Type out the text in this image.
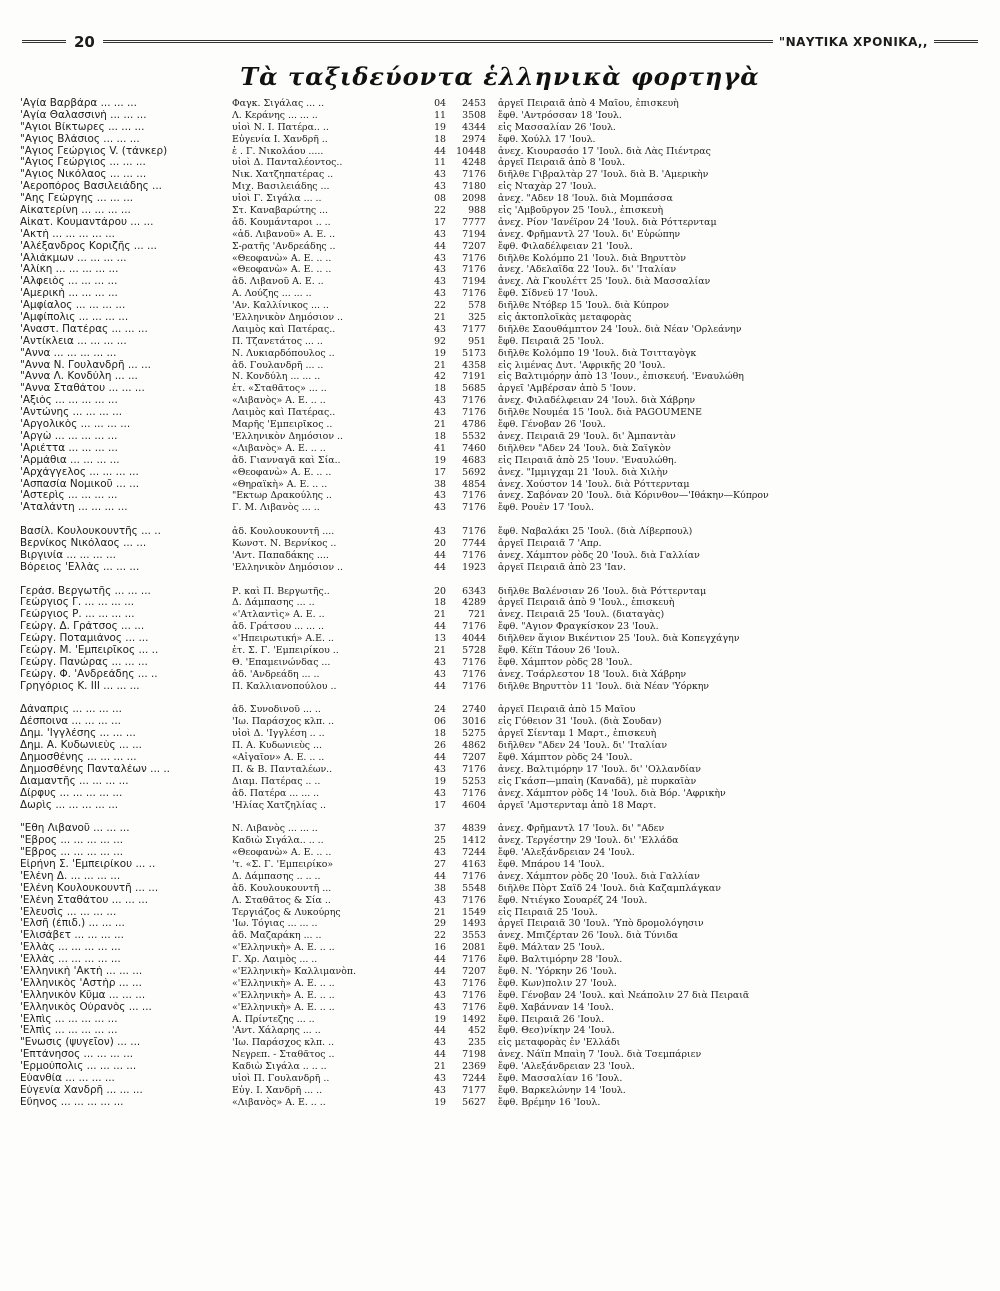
20	"ΝΑΥΤΙΚΑ ΧΡΟΝΙΚΑ,,
Τὰ ταξιδεύοντα ἑλληνικὰ φορτηγὰ
'Αγία Βαρβάρα ... ... ...	Φαγκ. Σιγάλας ... ..	04	2453 ἀργεῖ Πειραιᾶ ἀπὸ 4 Μαΐου, ἐπισκευὴ
'Αγία Θαλασσινὴ ... ... ...	Λ. Κεράνης ... ... ..	11	3508 ἔφθ. 'Αντρόσσαν 18 'Ιουλ.
"Αγιοι Βίκτωρες ... ... ...	υἱοὶ Ν. Ι. Πατέρα.. ..	19	4344 εἰς Μασσαλίαν 26 'Ιουλ.
"Αγιος Βλάσιος ... ... ...	Εὐγενία Ι. Χανδρῆ ..	18	2974 ἔφθ. Χούλλ 17 'Ιουλ.
"Αγιος Γεώργιος V. (τάνκερ)	ἑ . Γ. Νικολάου .....	44	10448 ἀνεχ. Κιουρασάο 17 'Ιουλ. διὰ Λὰς Πιέντρας
"Αγιος Γεώργιος ... ... ...	υἱοὶ Δ. Πανταλέοντος..	11	4248 ἀργεῖ Πειραιᾶ ἀπὸ 8 'Ιουλ.
"Αγιος Νικόλαος ... ... ...	Νικ. Χατζηπατέρας ..	43	7176 διῆλθε Γιβραλτὰρ 27 'Ιουλ. διὰ Β. 'Αμερικὴν
'Αεροπόρος Βασιλειάδης ...	Μιχ. Βασιλειάδης ...	43	7180 εἰς Νταχὰρ 27 'Ιουλ.
"Αης Γεώργης ... ... ...	υἱοὶ Γ. Σιγάλα ... ..	08	2098 ἀνεχ. "Αδεν 18 'Ιουλ. διὰ Μομπάσσα
Αἰκατερίνη ... ... ... ...	Στ. Καναβαρώτης ...	22	988 εἰς 'Αμβοῦργον 25 'Ιουλ., ἐπισκευὴ
Αἰκατ. Κουμαντάρου ... ...	ἀδ. Κουμάνταροι .. ..	17	7777 ἀνεχ. Ρίον 'Ιανέϊρον 24 'Ιουλ. διὰ Ρόττερνταμ
'Ακτὴ ... ... ... ... ...	«ἀδ. Λιβανοῦ» Α. Ε. ..	43	7194 ἀνεχ. Φρῆμαντλ 27 'Ιουλ. δι' Εὐρώπην
'Αλέξανδρος Κοριζῆς ... ...	Σ-ρατῆς 'Ανδρεάδης ..	44	7207 ἔφθ. Φιλαδέλφειαν 21 'Ιουλ.
'Αλιάκμων ... ... ... ...	«Θεοφανὼ» Α. Ε. .. ..	43	7176 διῆλθε Κολόμπο 21 'Ιουλ. διὰ Βηρυττὸν
'Αλίκη ... ... ... ... ...	«Θεοφανὼ» Α. Ε. .. ..	43	7176 ἀνεχ. 'Αδελαΐδα 22 'Ιουλ. δι' 'Ιταλίαν
'Αλφειὸς ... ... ... ...	ἀδ. Λιβανοῦ Α. Ε. ..	43	7194 ἀνεχ. Λὰ Γκουλέττ 25 'Ιουλ. διὰ Μασσαλίαν
'Αμερικὴ ... ... ... ...	Α. Λούζης ... ... ..	43	7176 ἔφθ. Σίδνεϋ 17 'Ιουλ.
'Αμφίαλος ... ... ... ...	'Αν. Καλλίνικος ... ..	22	578 διῆλθε Ντόβερ 15 'Ιουλ. διὰ Κύπρον
'Αμφίπολις ... ... ... ...	'Ελληνικὸν Δημόσιον ..	21	325 εἰς ἀκτοπλοϊκὰς μεταφορὰς
'Αναστ. Πατέρας ... ... ...	Λαιμὸς καὶ Πατέρας..	43	7177 διῆλθε Σαουθάμπτον 24 'Ιουλ. διὰ Νέαν 'Ορλεάνην
'Αντίκλεια ... ... ... ...	Π. Τζανετάτος ... ..	92	951 ἔφθ. Πειραιᾶ 25 'Ιουλ.
"Αννα ... ... ... ... ...	Ν. Λυκιαρδόπουλος ..	19	5173 διῆλθε Κολόμπο 19 'Ιουλ. διὰ Τσιτταγὸγκ
"Αννα Ν. Γουλανδρῆ ... ...	ἀδ. Γουλανδρῆ ... ..	21	4358 εἰς λιμένας Δυτ. 'Αφρικῆς 20 'Ιουλ.
"Αννα Λ. Κονδύλη ... ...	Ν. Κονδύλη ... ... ..	42	7191 εἰς Βαλτιμόρην ἀπὸ 13 'Ιουν., ἐπισκευή. 'Εναυλώθη
"Αννα Σταθάτου ... ... ...	ἐτ. «Σταθᾶτος» ... ..	18	5685 ἀργεῖ 'Αμβέρσαν ἀπὸ 5 'Ιουν.
'Αξιὸς ... ... ... ... ...	«Λιβανὸς» Α. Ε. .. ..	43	7176 ἀνεχ. Φιλαδέλφειαν 24 'Ιουλ. διὰ Χάβρην
'Αντώνης ... ... ... ...	Λαιμὸς καὶ Πατέρας..	43	7176 διῆλθε Νουμέα 15 'Ιουλ. διὰ PAGOUMENE
'Αργολικὸς ... ... ... ...	Μαρῆς 'Εμπειρῖκος ..	21	4786 ἔφθ. Γένοβαν 26 'Ιουλ.
'Αργὼ ... ... ... ... ...	'Ελληνικὸν Δημόσιον ..	18	5532 ἀνεχ. Πειραιᾶ 29 'Ιουλ. δι' Ἀμπαντὰν
'Αριέττα ... ... ... ...	«Λιβανὸς» Α. Ε. .. ..	41	7460 διῆλθεν "Αδεν 24 'Ιουλ. διὰ Σαϊγκὸν
'Αρμάθια ... ... ... ...	ἀδ. Γιανναγᾶ καὶ Σία..	19	4683 εἰς Πειραιᾶ ἀπὸ 25 'Ιουν. 'Εναυλώθη.
'Αρχάγγελος ... ... ... ...	«Θεοφανὼ» Α. Ε. .. ..	17	5692 ἀνεχ. "Ιμμιγχαμ 21 'Ιουλ. διὰ Χιλὴν
'Ασπασία Νομικοῦ ... ...	«Θηραϊκὴ» Α. Ε. .. ..	38	4854 ἀνεχ. Χούστον 14 'Ιουλ. διὰ Ρόττερνταμ
'Αστερὶς ... ... ... ...	"Εκτωρ Δρακούλης ..	43	7176 ἀνεχ. Σαβόναν 20 'Ιουλ. διὰ Κόρινθον—'Ιθάκην—Κύπρον
'Αταλάντη ... ... ... ...	Γ. Μ. Λιβανὸς ... ..	43	7176 ἔφθ. Ρουὲν 17 'Ιουλ.
Βασίλ. Κουλουκουντῆς ... ..	ἀδ. Κουλουκουντῆ ....	43	7176 ἔφθ. Ναβαλάκι 25 'Ιουλ. (διὰ Λίβερπουλ)
Βερνίκος Νικόλαος ... ...	Κωνστ. Ν. Βερνίκος ..	20	7744 ἀργεῖ Πειραιᾶ 7 'Απρ.
Βιργινία ... ... ... ...	'Αντ. Παπαδάκης ....	44	7176 ἀνεχ. Χάμπτον ρὸδς 20 'Ιουλ. διὰ Γαλλίαν
Βόρειος 'Ελλὰς ... ... ...	'Ελληνικὸν Δημόσιον ..	44	1923 ἀργεῖ Πειραιᾶ ἀπὸ 23 'Ιαν.
Γεράσ. Βεργωτῆς ... ... ...	Ρ. καὶ Π. Βεργωτῆς..	20	6343 διῆλθε Βαλένσιαν 26 'Ιουλ. διὰ Ρόττερνταμ
Γεώργιος Γ. ... ... ... ...	Δ. Δάμπασης ... ..	18	4289 ἀργεῖ Πειραιᾶ ἀπὸ 9 'Ιουλ., ἐπισκευὴ
Γεώργιος Ρ. ... ... ... ...	«'Ατλαντὶς» Α. Ε. ..	21	721 ἀνεχ. Πειραιᾶ 25 'Ιουλ. (διαταγὰς)
Γεώργ. Δ. Γράτσος ... ...	ἀδ. Γράτσου ... ... ..	44	7176 ἔφθ. "Αγιον Φραγκίσκον 23 'Ιουλ.
Γεώργ. Ποταμιάνος ... ...	«'Ηπειρωτική» Α.Ε. ..	13	4044 διῆλθεν ἅγιον Βικέντιον 25 'Ιουλ. διὰ Κοπεγχάγην
Γεώργ. Μ. 'Εμπειρῖκος ... ..	ἐτ. Σ. Γ. 'Εμπειρίκου ..	21	5728 ἔφθ. Κέϊπ Τάουν 26 'Ιουλ.
Γεώργ. Πανώρας ... ... ...	Θ. 'Επαμεινώνδας ...	43	7176 ἔφθ. Χάμπτον ρὸδς 28 'Ιουλ.
Γεώργ. Φ. 'Ανδρεάδης ... ..	ἀδ. 'Ανδρεάδη ... ..	43	7176 ἀνεχ. Τσάρλεστον 18 'Ιουλ. διὰ Χάβρην
Γρηγόριος Κ. ΙΙΙ ... ... ...	Π. Καλλιανοπούλου ..	44	7176 διῆλθε Βηρυττὸν 11 'Ιουλ. διὰ Νέαν 'Υόρκην
Δάναπρις ... ... ... ...	ἀδ. Συνοδινοῦ ... ..	24	2740 ἀργεῖ Πειραιᾶ ἀπὸ 15 Μαΐου
Δέσποινα ... ... ... ...	'Ιω. Παράσχος κλπ. ..	06	3016 εἰς Γύθειον 31 'Ιουλ. (διὰ Σουδαν)
Δημ. 'Ιγγλέσης ... ... ...	υἱοὶ Δ. 'Ιγγλέση .. ..	18	5275 ἀργεῖ Σίενταμ 1 Μαρτ., ἐπισκευὴ
Δημ. Α. Κυδωνιεὺς ... ...	Π. Α. Κυδωνιεὺς ...	26	4862 διῆλθεν "Αδεν 24 'Ιουλ. δι' 'Ιταλίαν
Δημοσθένης ... ... ... ...	«Αἰγαῖον» Α. Ε. .. ..	44	7207 ἔφθ. Χάμπτον ρὸδς 24 'Ιουλ.
Δημοσθένης Πανταλέων ... ..	Π. & Β. Πανταλέων..	43	7176 ἀνεχ. Βαλτιμόρην 17 'Ιουλ. δι' 'Ολλανδίαν
Διαμαντῆς ... ... ... ...	Διαμ. Πατέρας .. ..	19	5253 εἰς Γκάσπ—μπαὶη (Καναδᾶ), μὲ πυρκαϊὰν
Δίρφυς ... ... ... ... ...	ἀδ. Πατέρα ... ... ..	43	7176 ἀνεχ. Χάμπτον ρὸδς 14 'Ιουλ. διὰ Βόρ. 'Αφρικὴν
Δωρὶς ... ... ... ... ...	'Ηλίας Χατζηλίας ..	17	4604 ἀργεῖ 'Αμστερνταμ ἀπὸ 18 Μαρτ.
"Εθη Λιβανοῦ ... ... ...	Ν. Λιβανὸς ... ... ..	37	4839 ἀνεχ. Φρῆμαντλ 17 'Ιουλ. δι' "Αδεν
"Εβρος ... ... ... ... ...	Καδιὼ Σιγάλα.. .. ..	25	1412 ἀνεχ. Τεργέστην 29 'Ιουλ. δι' 'Ελλάδα
"Εβρος ... ... ... ... ...	«Θεοφανὼ» Α. Ε. .. ..	43	7244 ἔφθ. 'Αλεξάνδρειαν 24 'Ιουλ.
Εἰρήνη Σ. 'Εμπειρίκου ... ..	'τ. «Σ. Γ. 'Εμπειρίκο»	27	4163 ἔφθ. Μπάρου 14 'Ιουλ.
'Ελένη Δ. ... ... ... ...	Δ. Δάμπασης .. .. ..	44	7176 ἀνεχ. Χάμπτον ρὸδς 20 'Ιουλ. διὰ Γαλλίαν
'Ελένη Κουλουκουντῆ ... ...	ἀδ. Κουλουκουντῆ ...	38	5548 διῆλθε Πὸρτ Σαΐδ 24 'Ιουλ. διὰ Καζαμπλάγκαν
'Ελένη Σταθάτου ... ... ...	Λ. Σταθᾶτος & Σία ..	43	7176 ἔφθ. Ντιέγκο Σουαρέζ 24 'Ιουλ.
'Ελευσὶς ... ... ... ...	Τεργιάζος & Λυκούρης	21	1549 εἰς Πειραιᾶ 25 'Ιουλ.
'Ελσῆ (ἐπιδ.) ... ... ...	'Ιω. Τόγιας ... ... ..	29	1493 ἀργεῖ Πειραιᾶ 30 'Ιουλ. 'Υπὸ δρομολόγησιν
'Ελισάβετ ... ... ... ...	ἀδ. Μαζαράκη ... ..	22	3553 ἀνεχ. Μπιζέρταν 26 'Ιουλ. διὰ Τύνιδα
'Ελλὰς ... ... ... ... ...	«'Ελληνικὴ» Α. Ε. .. ..	16	2081 ἔφθ. Μάλταν 25 'Ιουλ.
'Ελλὰς ... ... ... ... ...	Γ. Χρ. Λαιμὸς ... ..	44	7176 ἔφθ. Βαλτιμόρην 28 'Ιουλ.
'Ελληνικὴ 'Ακτὴ ... ... ...	«'Ελληνικὴ» Καλλιμανὸπ.	44	7207 ἔφθ. Ν. 'Υόρκην 26 'Ιουλ.
'Ελληνικὸς 'Αστὴρ ... ...	«'Ελληνικὴ» Α. Ε. .. ..	43	7176 ἔφθ. Κων)πολιν 27 'Ιουλ.
'Ελληνικὸν Κῦμα ... ... ...	«'Ελληνικὴ» Α. Ε. .. ..	43	7176 ἔφθ. Γένοβαν 24 'Ιουλ. καὶ Νεάπολιν 27 διὰ Πειραιᾶ
'Ελληνικὸς Οὐρανὸς ... ...	«'Ελληνικὴ» Α. Ε. .. ..	43	7176 ἔφθ. Χαβάνναν 14 'Ιουλ.
'Ελπὶς ... ... ... ... ...	Α. Πρίντεζης ... ..	19	1492 ἔφθ. Πειραιᾶ 26 'Ιουλ.
'Ελπὶς ... ... ... ... ...	'Αντ. Χάλαρης ... ..	44	452 ἔφθ. Θεσ)νίκην 24 'Ιουλ.
"Ενωσις (ψυγεῖον) ... ...	'Ιω. Παράσχος κλπ. ..	43	235 εἰς μεταφορὰς ἐν 'Ελλάδι
'Επτάνησος ... ... ... ...	Νεγρεπ. - Σταθᾶτος ..	44	7198 ἀνεχ. Νάϊπ Μπαὶη 7 'Ιουλ. διὰ Τσεμπάριεν
'Ερμούπολις ... ... ... ...	Καδιὼ Σιγάλα .. .. ..	21	2369 ἔφθ. 'Αλεξάνδρειαν 23 'Ιουλ.
Εὐανθία ... ... ... ...	υἱοὶ Π. Γουλανδρῆ ..	43	7244 ἔφθ. Μασσαλίαν 16 'Ιουλ.
Εὐγενία Χανδρῆ ... ... ...	Εὐγ. Ι. Χανδρῆ ... ..	43	7177 ἔφθ. Βαρκελώνην 14 'Ιουλ.
Εὔηνος ... ... ... ... ...	«Λιβανὸς» Α. Ε. .. ..	19	5627 ἔφθ. Βρέμην 16 'Ιουλ.
